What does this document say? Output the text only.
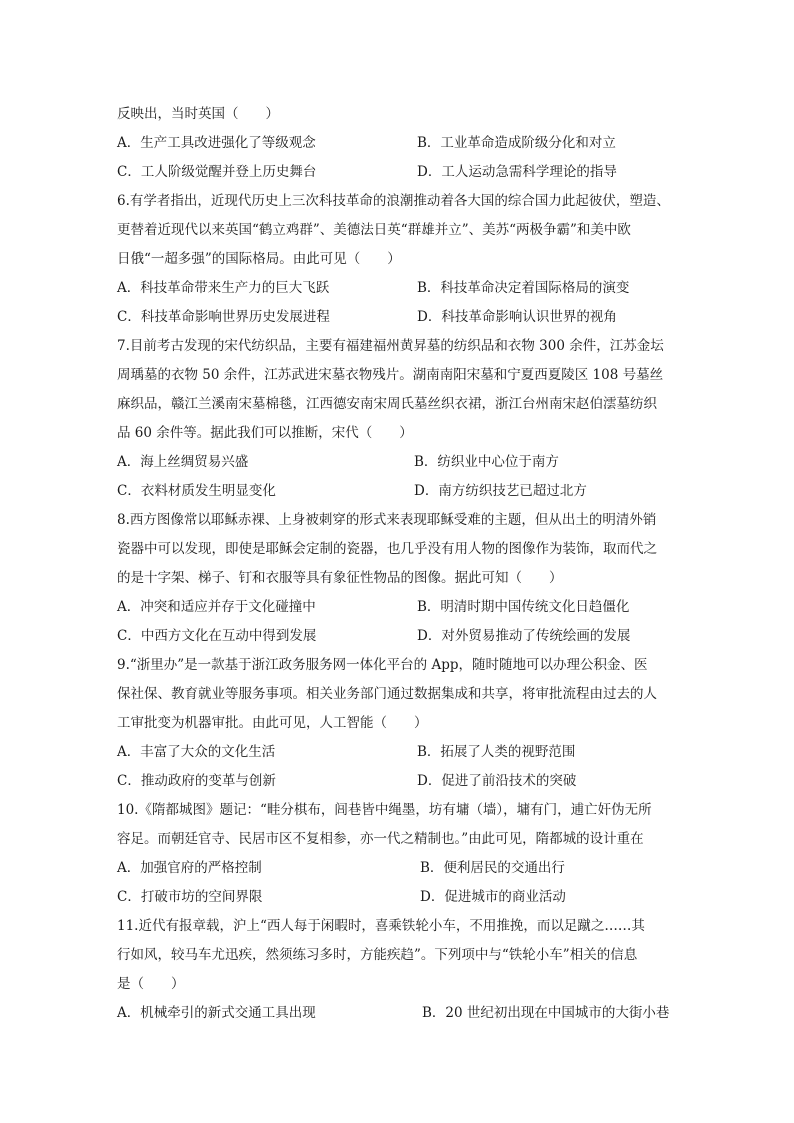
反映出，当时英国（　　）
A．生产工具改进强化了等级观念	B．工业革命造成阶级分化和对立
C．工人阶级觉醒并登上历史舞台	D．工人运动急需科学理论的指导
6.有学者指出，近现代历史上三次科技革命的浪潮推动着各大国的综合国力此起彼伏，塑造、
更替着近现代以来英国“鹤立鸡群”、美德法日英“群雄并立”、美苏“两极争霸”和美中欧
日俄“一超多强”的国际格局。由此可见（　　）
A．科技革命带来生产力的巨大飞跃	B．科技革命决定着国际格局的演变
C．科技革命影响世界历史发展进程	D．科技革命影响认识世界的视角
7.目前考古发现的宋代纺织品，主要有福建福州黄昇墓的纺织品和衣物 300 余件，江苏金坛
周瑀墓的衣物 50 余件，江苏武进宋墓衣物残片。湖南南阳宋墓和宁夏西夏陵区 108 号墓丝
麻织品，赣江兰溪南宋墓棉毯，江西德安南宋周氏墓丝织衣裙，浙江台州南宋赵伯澐墓纺织
品 60 余件等。据此我们可以推断，宋代（　　）
A．海上丝绸贸易兴盛	B．纺织业中心位于南方
C．衣料材质发生明显变化	D．南方纺织技艺已超过北方
8.西方图像常以耶稣赤裸、上身被刺穿的形式来表现耶稣受难的主题，但从出土的明清外销
瓷器中可以发现，即使是耶稣会定制的瓷器，也几乎没有用人物的图像作为装饰，取而代之
的是十字架、梯子、钉和衣服等具有象征性物品的图像。据此可知（　　）
A．冲突和适应并存于文化碰撞中	B．明清时期中国传统文化日趋僵化
C．中西方文化在互动中得到发展	D．对外贸易推动了传统绘画的发展
9.“浙里办”是一款基于浙江政务服务网一体化平台的 App，随时随地可以办理公积金、医
保社保、教育就业等服务事项。相关业务部门通过数据集成和共享，将审批流程由过去的人
工审批变为机器审批。由此可见，人工智能（　　）
A．丰富了大众的文化生活	B．拓展了人类的视野范围
C．推动政府的变革与创新	D．促进了前沿技术的突破
10.《隋都城图》题记：“畦分棋布，闾巷皆中绳墨，坊有墉（墙），墉有门，逋亡奸伪无所
容足。而朝廷官寺、民居市区不复相参，亦一代之精制也。”由此可见，隋都城的设计重在
A．加强官府的严格控制	B．便利居民的交通出行
C．打破市坊的空间界限	D．促进城市的商业活动
11.近代有报章载，沪上“西人每于闲暇时，喜乘铁轮小车，不用推挽，而以足蹴之……其
行如风，较马车尤迅疾，然须练习多时，方能疾趋”。下列项中与“铁轮小车”相关的信息
是（　　）
A．机械牵引的新式交通工具出现	B．20 世纪初出现在中国城市的大街小巷
